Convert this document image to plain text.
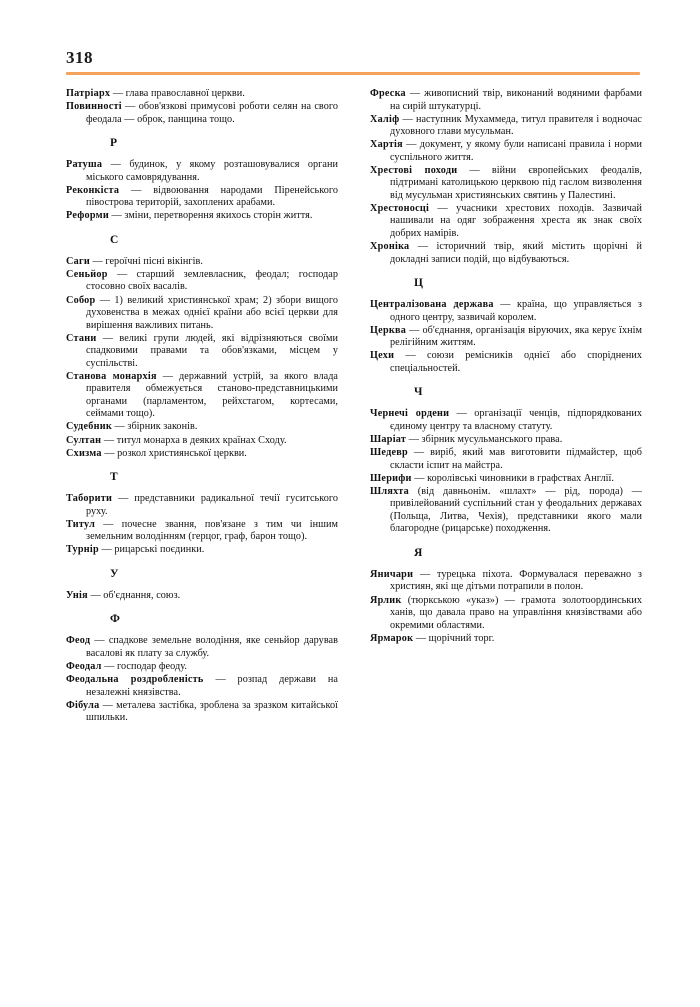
318

Патріарх — глава православної церкви.

Повинності — обов'язкові примусові роботи селян на свого феодала — оброк, панщина тощо.

Р

Ратуша — будинок, у якому розташовувалися органи міського самоврядування.

Реконкіста — відвоювання народами Піренейського півострова територій, захоплених арабами.

Реформи — зміни, перетворення якихось сторін життя.

С

Саги — героїчні пісні вікінгів.

Сеньйор — старший землевласник, феодал; господар стосовно своїх васалів.

Собор — 1) великий християнської храм; 2) збори вищого духовенства в межах однієї країни або всієї церкви для вирішення важливих питань.

Стани — великі групи людей, які відрізняються своїми спадковими правами та обов'язками, місцем у суспільстві.

Станова монархія — державний устрій, за якого влада правителя обмежується станово-представницькими органами (парламентом, рейхстагом, кортесами, сеймами тощо).

Судебник — збірник законів.

Султан — титул монарха в деяких країнах Сходу.

Схизма — розкол християнської церкви.

Т

Таборити — представники радикальної течії гуситського руху.

Титул — почесне звання, пов'язане з тим чи іншим земельним володінням (герцог, граф, барон тощо).

Турнір — рицарські поєдинки.

У

Унія — об'єднання, союз.

Ф

Феод — спадкове земельне володіння, яке сеньйор дарував васалові як плату за службу.

Феодал — господар феоду.

Феодальна роздробленість — розпад держави на незалежні князівства.

Фібула — металева застібка, зроблена за зразком китайської шпильки.

Фреска — живописний твір, виконаний водяними фарбами на сирій штукатурці.

Халіф — наступник Мухаммеда, титул правителя і водночас духовного глави мусульман.

Хартія — документ, у якому були написані правила і норми суспільного життя.

Хрестові походи — війни європейських феодалів, підтримані католицькою церквою під гаслом визволення від мусульман християнських святинь у Палестині.

Хрестоносці — учасники хрестових походів. Зазвичай нашивали на одяг зображення хреста як знак своїх добрих намірів.

Хроніка — історичний твір, який містить щорічні й докладні записи подій, що відбуваються.

Ц

Централізована держава — країна, що управляється з одного центру, зазвичай королем.

Церква — об'єднання, організація віруючих, яка керує їхнім релігійним життям.

Цехи — союзи ремісників однієї або споріднених спеціальностей.

Ч

Чернечі ордени — організації ченців, підпорядкованих єдиному центру та власному статуту.

Шаріат — збірник мусульманського права.

Шедевр — виріб, який мав виготовити підмайстер, щоб скласти іспит на майстра.

Шерифи — королівські чиновники в графствах Англії.

Шляхта (від давньонім. «шлахт» — рід, порода) — привілейований суспільний стан у феодальних державах (Польща, Литва, Чехія), представники якого мали благородне (рицарське) походження.

Я

Яничари — турецька піхота. Формувалася переважно з християн, які ще дітьми потрапили в полон.

Ярлик (тюркською «указ») — грамота золотоординських ханів, що давала право на управління князівствами або окремими областями.

Ярмарок — щорічний торг.
